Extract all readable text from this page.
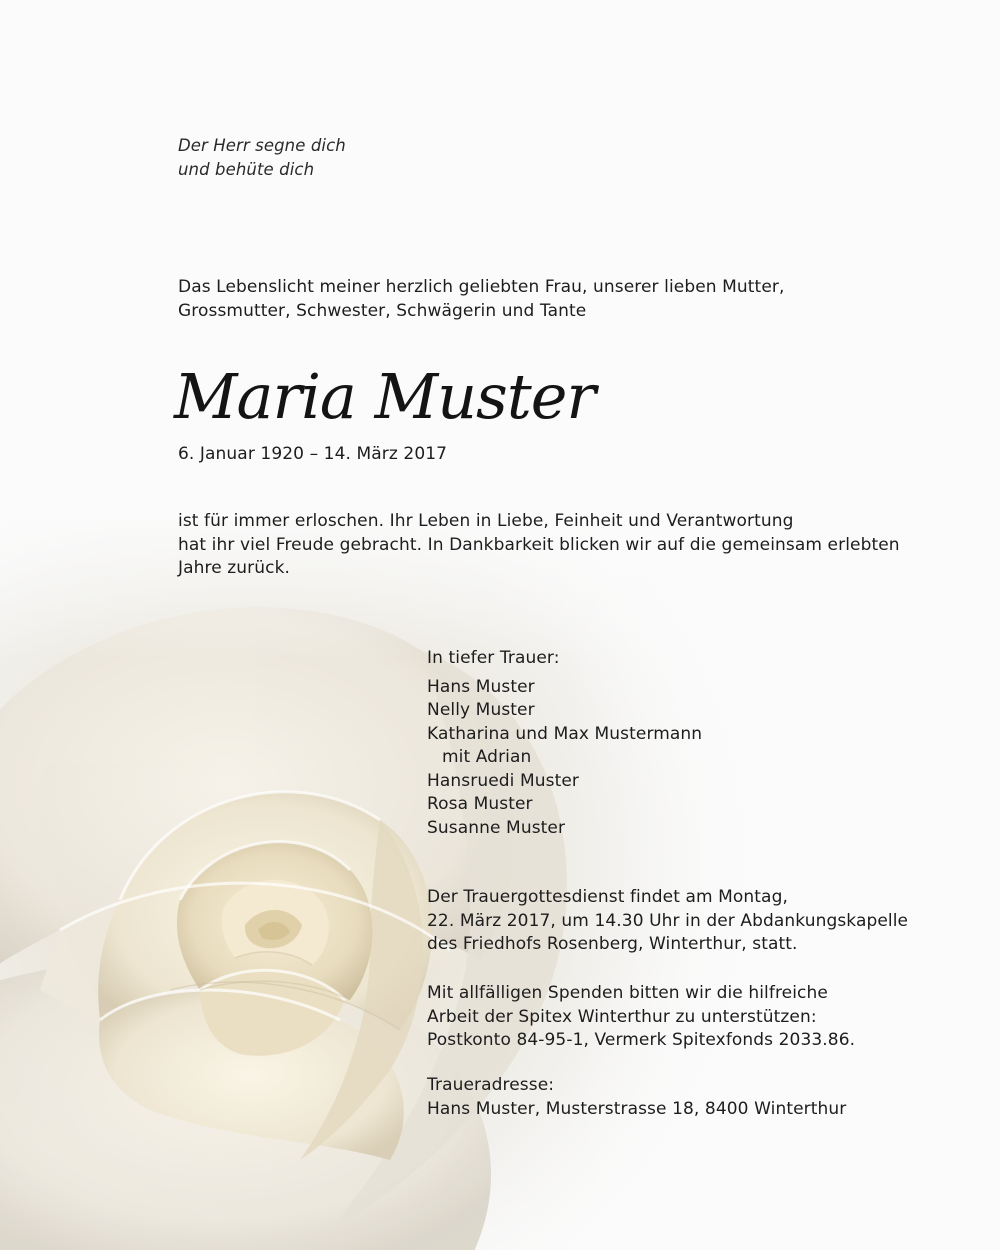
Der Herr segne dich
und behüte dich

Das Lebenslicht meiner herzlich geliebten Frau, unserer lieben Mutter,
Grossmutter, Schwester, Schwägerin und Tante

Maria Muster

6. Januar 1920 – 14. März 2017

ist für immer erloschen. Ihr Leben in Liebe, Feinheit und Verantwortung
hat ihr viel Freude gebracht. In Dankbarkeit blicken wir auf die gemeinsam erlebten
Jahre zurück.

In tiefer Trauer:
Hans Muster
Nelly Muster
Katharina und Max Mustermann
mit Adrian
Hansruedi Muster
Rosa Muster
Susanne Muster

Der Trauergottesdienst findet am Montag,
22. März 2017, um 14.30 Uhr in der Abdankungskapelle
des Friedhofs Rosenberg, Winterthur, statt.

Mit allfälligen Spenden bitten wir die hilfreiche
Arbeit der Spitex Winterthur zu unterstützen:
Postkonto 84-95-1, Vermerk Spitexfonds 2033.86.

Traueradresse:
Hans Muster, Musterstrasse 18, 8400 Winterthur
